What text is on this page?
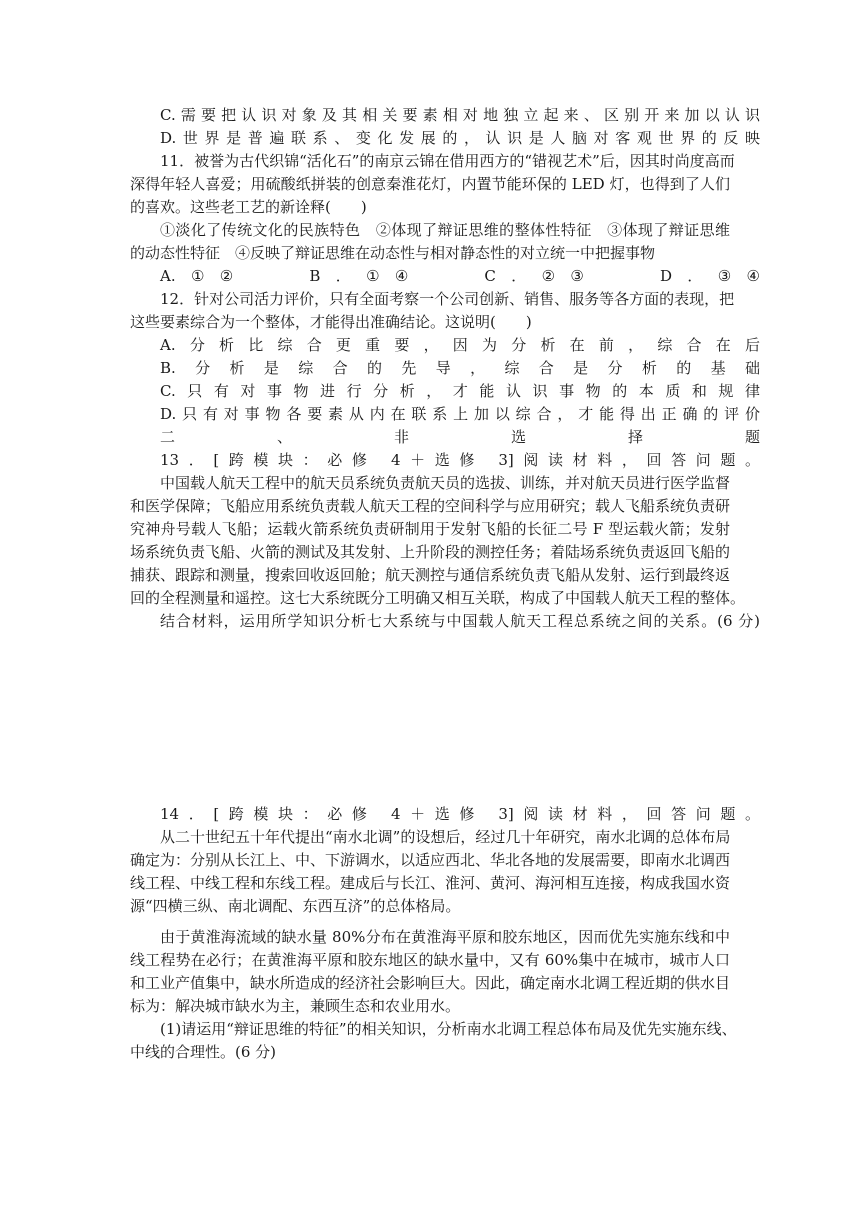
C.需要把认识对象及其相关要素相对地独立起来、区别开来加以认识
D.世界是普遍联系、变化发展的，认识是人脑对客观世界的反映
11．被誉为古代织锦“活化石”的南京云锦在借用西方的“错视艺术”后，因其时尚度高而
深得年轻人喜爱；用硫酸纸拼装的创意秦淮花灯，内置节能环保的 LED 灯，也得到了人们
的喜欢。这些老工艺的新诠释(　　)
①淡化了传统文化的民族特色　②体现了辩证思维的整体性特征　③体现了辩证思维
的动态性特征　④反映了辩证思维在动态性与相对静态性的对立统一中把握事物
A.①②　　B．①④　　C．②③　　D．③④
12．针对公司活力评价，只有全面考察一个公司创新、销售、服务等各方面的表现，把
这些要素综合为一个整体，才能得出准确结论。这说明(　　)
A.分析比综合更重要，因为分析在前，综合在后
B.分析是综合的先导，综合是分析的基础
C.只有对事物进行分析，才能认识事物的本质和规律
D.只有对事物各要素从内在联系上加以综合，才能得出正确的评价
二、非选择题
13．[跨模块：必修 4＋选修 3]阅读材料，回答问题。
中国载人航天工程中的航天员系统负责航天员的选拔、训练，并对航天员进行医学监督
和医学保障；飞船应用系统负责载人航天工程的空间科学与应用研究；载人飞船系统负责研
究神舟号载人飞船；运载火箭系统负责研制用于发射飞船的长征二号 F 型运载火箭；发射
场系统负责飞船、火箭的测试及其发射、上升阶段的测控任务；着陆场系统负责返回飞船的
捕获、跟踪和测量，搜索回收返回舱；航天测控与通信系统负责飞船从发射、运行到最终返
回的全程测量和遥控。这七大系统既分工明确又相互关联，构成了中国载人航天工程的整体。
结合材料，运用所学知识分析七大系统与中国载人航天工程总系统之间的关系。(6 分)
14．[跨模块：必修 4＋选修 3]阅读材料，回答问题。
从二十世纪五十年代提出“南水北调”的设想后，经过几十年研究，南水北调的总体布局
确定为：分别从长江上、中、下游调水，以适应西北、华北各地的发展需要，即南水北调西
线工程、中线工程和东线工程。建成后与长江、淮河、黄河、海河相互连接，构成我国水资
源“四横三纵、南北调配、东西互济”的总体格局。
由于黄淮海流域的缺水量 80%分布在黄淮海平原和胶东地区，因而优先实施东线和中
线工程势在必行；在黄淮海平原和胶东地区的缺水量中，又有 60%集中在城市，城市人口
和工业产值集中，缺水所造成的经济社会影响巨大。因此，确定南水北调工程近期的供水目
标为：解决城市缺水为主，兼顾生态和农业用水。
(1)请运用“辩证思维的特征”的相关知识，分析南水北调工程总体布局及优先实施东线、
中线的合理性。(6 分)
